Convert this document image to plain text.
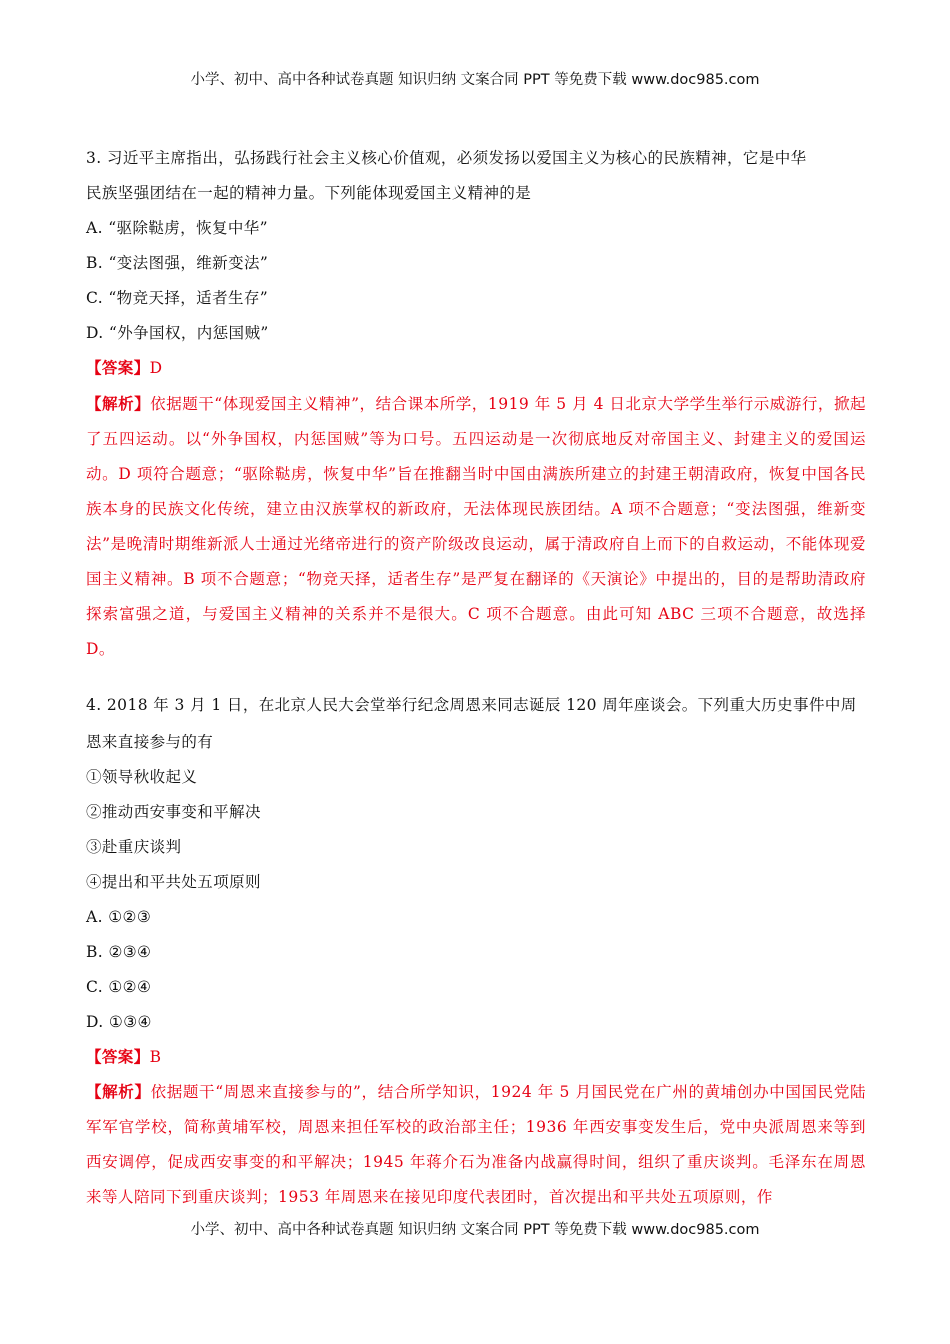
小学、初中、高中各种试卷真题 知识归纳 文案合同 PPT 等免费下载 www.doc985.com
3. 习近平主席指出，弘扬践行社会主义核心价值观，必须发扬以爱国主义为核心的民族精神，它是中华
民族坚强团结在一起的精神力量。下列能体现爱国主义精神的是
A. “驱除鞑虏，恢复中华”
B. “变法图强，维新变法”
C. “物竞天择，适者生存”
D. “外争国权，内惩国贼”
【答案】D
【解析】依据题干“体现爱国主义精神”，结合课本所学，1919 年 5 月 4 日北京大学学生举行示威游行，掀起了五四运动。以“外争国权，内惩国贼”等为口号。五四运动是一次彻底地反对帝国主义、封建主义的爱国运动。D 项符合题意；“驱除鞑虏，恢复中华”旨在推翻当时中国由满族所建立的封建王朝清政府，恢复中国各民族本身的民族文化传统，建立由汉族掌权的新政府，无法体现民族团结。A 项不合题意；“变法图强，维新变法”是晚清时期维新派人士通过光绪帝进行的资产阶级改良运动，属于清政府自上而下的自救运动，不能体现爱国主义精神。B 项不合题意；“物竞天择，适者生存”是严复在翻译的《天演论》中提出的，目的是帮助清政府探索富强之道，与爱国主义精神的关系并不是很大。C 项不合题意。由此可知 ABC 三项不合题意，故选择 D。
4. 2018 年 3 月 1 日，在北京人民大会堂举行纪念周恩来同志诞辰 120 周年座谈会。下列重大历史事件中周
恩来直接参与的有
①领导秋收起义
②推动西安事变和平解决
③赴重庆谈判
④提出和平共处五项原则
A. ①②③
B. ②③④
C. ①②④
D. ①③④
【答案】B
【解析】依据题干“周恩来直接参与的”，结合所学知识，1924 年 5 月国民党在广州的黄埔创办中国国民党陆军军官学校，简称黄埔军校，周恩来担任军校的政治部主任；1936 年西安事变发生后，党中央派周恩来等到西安调停，促成西安事变的和平解决；1945 年蒋介石为准备内战赢得时间，组织了重庆谈判。毛泽东在周恩来等人陪同下到重庆谈判；1953 年周恩来在接见印度代表团时，首次提出和平共处五项原则，作
小学、初中、高中各种试卷真题 知识归纳 文案合同 PPT 等免费下载 www.doc985.com
